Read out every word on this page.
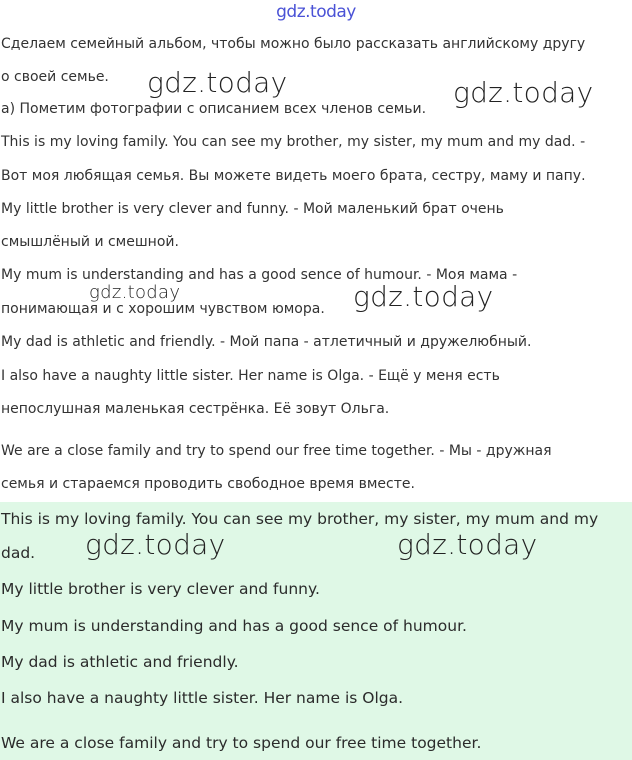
gdz.today
Сделаем семейный альбом, чтобы можно было рассказать английскому другу
о своей семье.
a) Пометим фотографии с описанием всех членов семьи.
This is my loving family. You can see my brother, my sister, my mum and my dad. -
Вот моя любящая семья. Вы можете видеть моего брата, сестру, маму и папу.
My little brother is very clever and funny. - Мой маленький брат очень
смышлёный и смешной.
My mum is understanding and has a good sence of humour. - Моя мама -
понимающая и с хорошим чувством юмора.
My dad is athletic and friendly. - Мой папа - атлетичный и дружелюбный.
I also have a naughty little sister. Her name is Olga. - Ещё у меня есть
непослушная маленькая сестрёнка. Её зовут Ольга.
We are a close family and try to spend our free time together. - Мы - дружная
семья и стараемся проводить свободное время вместе.
This is my loving family. You can see my brother, my sister, my mum and my
dad.
My little brother is very clever and funny.
My mum is understanding and has a good sence of humour.
My dad is athletic and friendly.
I also have a naughty little sister. Her name is Olga.
We are a close family and try to spend our free time together.
gdz.today	gdz.today
gdz.today	gdz.today
gdz.today	gdz.today
